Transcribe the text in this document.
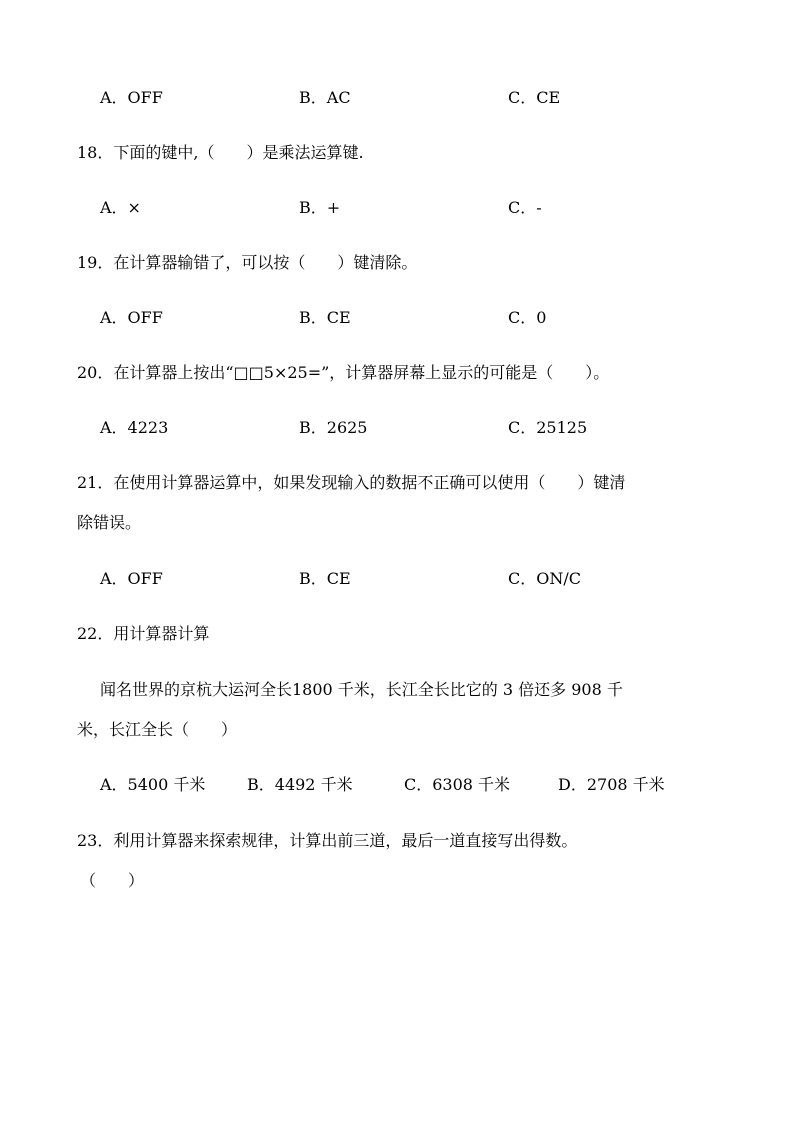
A．OFF	B．AC	C．CE
18．下面的键中,（　　）是乘法运算键.
A．×	B．+	C．-
19．在计算器输错了，可以按（　　）键清除。
A．OFF	B．CE	C．0
20．在计算器上按出“□□5×25=”，计算器屏幕上显示的可能是（　　）。
A．4223	B．2625	C．25125
21．在使用计算器运算中，如果发现输入的数据不正确可以使用（　　）键清
除错误。
A．OFF	B．CE	C．ON/C
22．用计算器计算
闻名世界的京杭大运河全长1800 千米，长江全长比它的 3 倍还多 908 千
米，长江全长（　　）
A．5400 千米	B．4492 千米	C．6308 千米	D．2708 千米
23．利用计算器来探索规律，计算出前三道，最后一道直接写出得数。
（　　）
